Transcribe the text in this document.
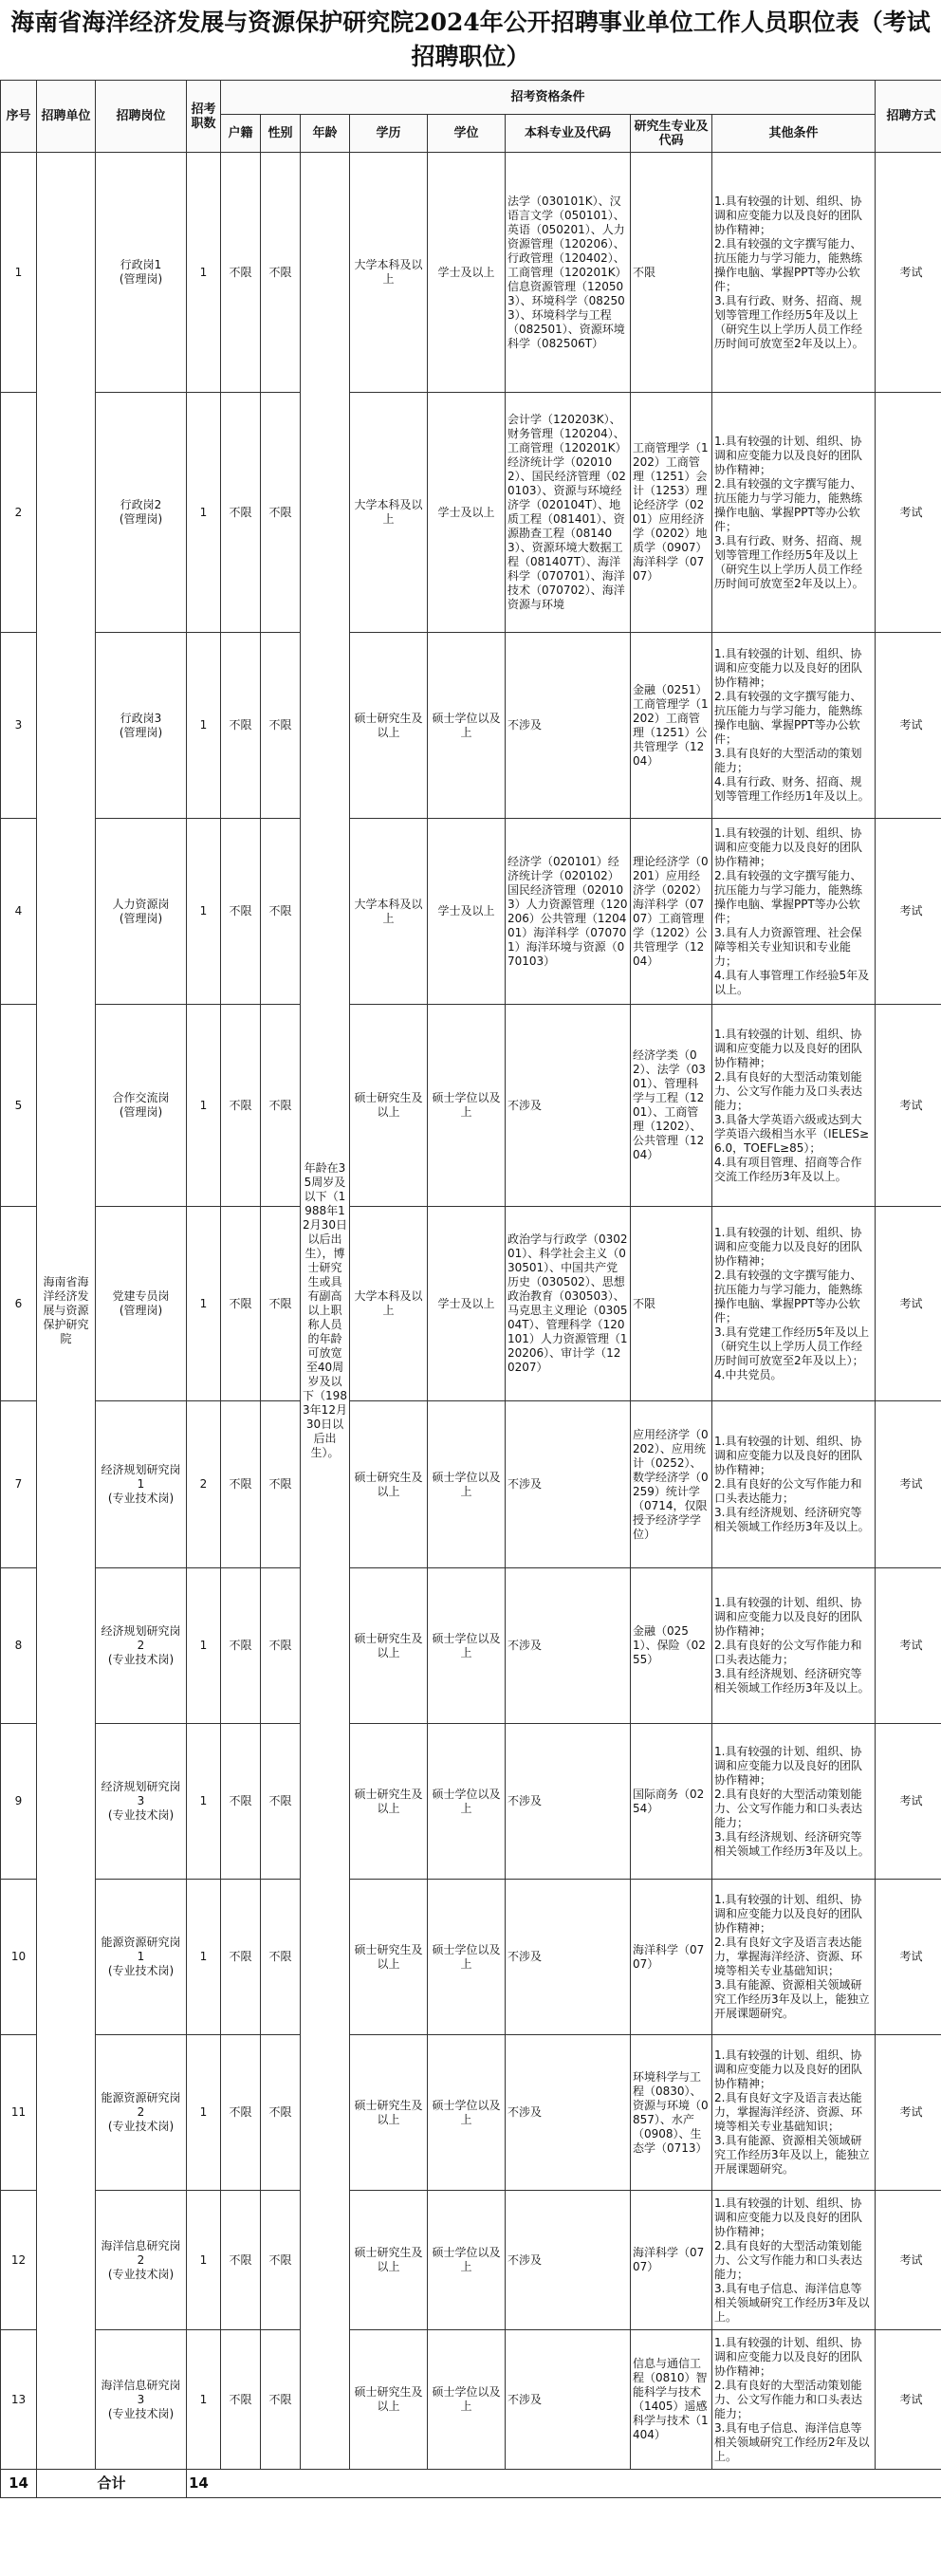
海南省海洋经济发展与资源保护研究院2024年公开招聘事业单位工作人员职位表（考试招聘职位）
序号	招聘单位	招聘岗位	招考职数	招考资格条件								招聘方式
				户籍	性别	年龄	学历	学位	本科专业及代码	研究生专业及代码	其他条件	
1	海南省海洋经济发展与资源保护研究院	行政岗1
(管理岗)	1	不限	不限	年龄在35周岁及以下（1988年12月30日以后出生），博士研究生或具有副高以上职称人员的年龄可放宽至40周岁及以下（1983年12月30日以后出生）。	大学本科及以上	学士及以上	法学（030101K）、汉语言文学（050101）、英语（050201）、人力资源管理（120206）、行政管理（120402）、工商管理（120201K）信息资源管理（120503）、环境科学（082503）、环境科学与工程（082501）、资源环境科学（082506T）	不限	1.具有较强的计划、组织、协调和应变能力以及良好的团队协作精神；
2.具有较强的文字撰写能力、抗压能力与学习能力，能熟练操作电脑、掌握PPT等办公软件；
3.具有行政、财务、招商、规划等管理工作经历5年及以上（研究生以上学历人员工作经历时间可放宽至2年及以上）。	考试
2		行政岗2
(管理岗)	1	不限	不限		大学本科及以上	学士及以上	会计学（120203K）、财务管理（120204）、工商管理（120201K）经济统计学（020102）、国民经济管理（020103）、资源与环境经济学（020104T）、地质工程（081401）、资源勘查工程（081403）、资源环境大数据工程（081407T）、海洋科学（070701）、海洋技术（070702）、海洋资源与环境	工商管理学（1202）工商管理（1251）会计（1253）理论经济学（0201）应用经济学（0202）地质学（0907）海洋科学（0707）	1.具有较强的计划、组织、协调和应变能力以及良好的团队协作精神；
2.具有较强的文字撰写能力、抗压能力与学习能力，能熟练操作电脑、掌握PPT等办公软件；
3.具有行政、财务、招商、规划等管理工作经历5年及以上（研究生以上学历人员工作经历时间可放宽至2年及以上）。	考试
3		行政岗3
(管理岗)	1	不限	不限		硕士研究生及以上	硕士学位以及上	不涉及	金融（0251）工商管理学（1202）工商管理（1251）公共管理学（1204）	1.具有较强的计划、组织、协调和应变能力以及良好的团队协作精神；
2.具有较强的文字撰写能力、抗压能力与学习能力，能熟练操作电脑、掌握PPT等办公软件；
3.具有良好的大型活动的策划能力；
4.具有行政、财务、招商、规划等管理工作经历1年及以上。	考试
4		人力资源岗
(管理岗)	1	不限	不限		大学本科及以上	学士及以上	经济学（020101）经济统计学（020102）国民经济管理（020103）人力资源管理（120206）公共管理（120401）海洋科学（070701）海洋环境与资源（070103）	理论经济学（0201）应用经济学（0202）海洋科学（0707）工商管理学（1202）公共管理学（1204）	1.具有较强的计划、组织、协调和应变能力以及良好的团队协作精神；
2.具有较强的文字撰写能力、抗压能力与学习能力，能熟练操作电脑、掌握PPT等办公软件；
3.具有人力资源管理、社会保障等相关专业知识和专业能力；
4.具有人事管理工作经验5年及以上。	考试
5		合作交流岗
(管理岗)	1	不限	不限		硕士研究生及以上	硕士学位以及上	不涉及	经济学类（02）、法学（0301）、管理科学与工程（1201）、工商管理（1202）、公共管理（1204）	1.具有较强的计划、组织、协调和应变能力以及良好的团队协作精神；
2.具有良好的大型活动策划能力、公文写作能力及口头表达能力；
3.具备大学英语六级或达到大学英语六级相当水平（IELES≥6.0，TOEFL≥85）；
4.具有项目管理、招商等合作交流工作经历3年及以上。	考试
6		党建专员岗
(管理岗)	1	不限	不限		大学本科及以上	学士及以上	政治学与行政学（030201）、科学社会主义（030501）、中国共产党历史（030502）、思想政治教育（030503）、马克思主义理论（030504T）、管理科学（120101）人力资源管理（120206）、审计学（120207）	不限	1.具有较强的计划、组织、协调和应变能力以及良好的团队协作精神；
2.具有较强的文字撰写能力、抗压能力与学习能力，能熟练操作电脑、掌握PPT等办公软件；
3.具有党建工作经历5年及以上（研究生以上学历人员工作经历时间可放宽至2年及以上）；
4.中共党员。	考试
7		经济规划研究岗1
(专业技术岗)	2	不限	不限		硕士研究生及以上	硕士学位以及上	不涉及	应用经济学（0202）、应用统计（0252）、数学经济学（0259）统计学（0714，仅限授予经济学学位）	1.具有较强的计划、组织、协调和应变能力以及良好的团队协作精神；
2.具有良好的公文写作能力和口头表达能力；
3.具有经济规划、经济研究等相关领域工作经历3年及以上。	考试
8		经济规划研究岗2
(专业技术岗)	1	不限	不限		硕士研究生及以上	硕士学位以及上	不涉及	金融（0251）、保险（0255）	1.具有较强的计划、组织、协调和应变能力以及良好的团队协作精神；
2.具有良好的公文写作能力和口头表达能力；
3.具有经济规划、经济研究等相关领域工作经历3年及以上。	考试
9		经济规划研究岗3
(专业技术岗)	1	不限	不限		硕士研究生及以上	硕士学位以及上	不涉及	国际商务（0254）	1.具有较强的计划、组织、协调和应变能力以及良好的团队协作精神；
2.具有良好的大型活动策划能力、公文写作能力和口头表达能力；
3.具有经济规划、经济研究等相关领域工作经历3年及以上。	考试
10		能源资源研究岗1
(专业技术岗)	1	不限	不限		硕士研究生及以上	硕士学位以及上	不涉及	海洋科学（0707）	1.具有较强的计划、组织、协调和应变能力以及良好的团队协作精神；
2.具有良好文字及语言表达能力，掌握海洋经济、资源、环境等相关专业基础知识；
3.具有能源、资源相关领域研究工作经历3年及以上，能独立开展课题研究。	考试
11		能源资源研究岗2
(专业技术岗)	1	不限	不限		硕士研究生及以上	硕士学位以及上	不涉及	环境科学与工程（0830）、资源与环境（0857）、水产（0908）、生态学（0713）	1.具有较强的计划、组织、协调和应变能力以及良好的团队协作精神；
2.具有良好文字及语言表达能力，掌握海洋经济、资源、环境等相关专业基础知识；
3.具有能源、资源相关领域研究工作经历3年及以上，能独立开展课题研究。	考试
12		海洋信息研究岗2
(专业技术岗)	1	不限	不限		硕士研究生及以上	硕士学位以及上	不涉及	海洋科学（0707）	1.具有较强的计划、组织、协调和应变能力以及良好的团队协作精神；
2.具有良好的大型活动策划能力、公文写作能力和口头表达能力；
3.具有电子信息、海洋信息等相关领域研究工作经历3年及以上。	考试
13		海洋信息研究岗3
(专业技术岗)	1	不限	不限		硕士研究生及以上	硕士学位以及上	不涉及	信息与通信工程（0810）智能科学与技术（1405）遥感科学与技术（1404）	1.具有较强的计划、组织、协调和应变能力以及良好的团队协作精神；
2.具有良好的大型活动策划能力、公文写作能力和口头表达能力；
3.具有电子信息、海洋信息等相关领域研究工作经历2年及以上。	考试
14	合计		14									
